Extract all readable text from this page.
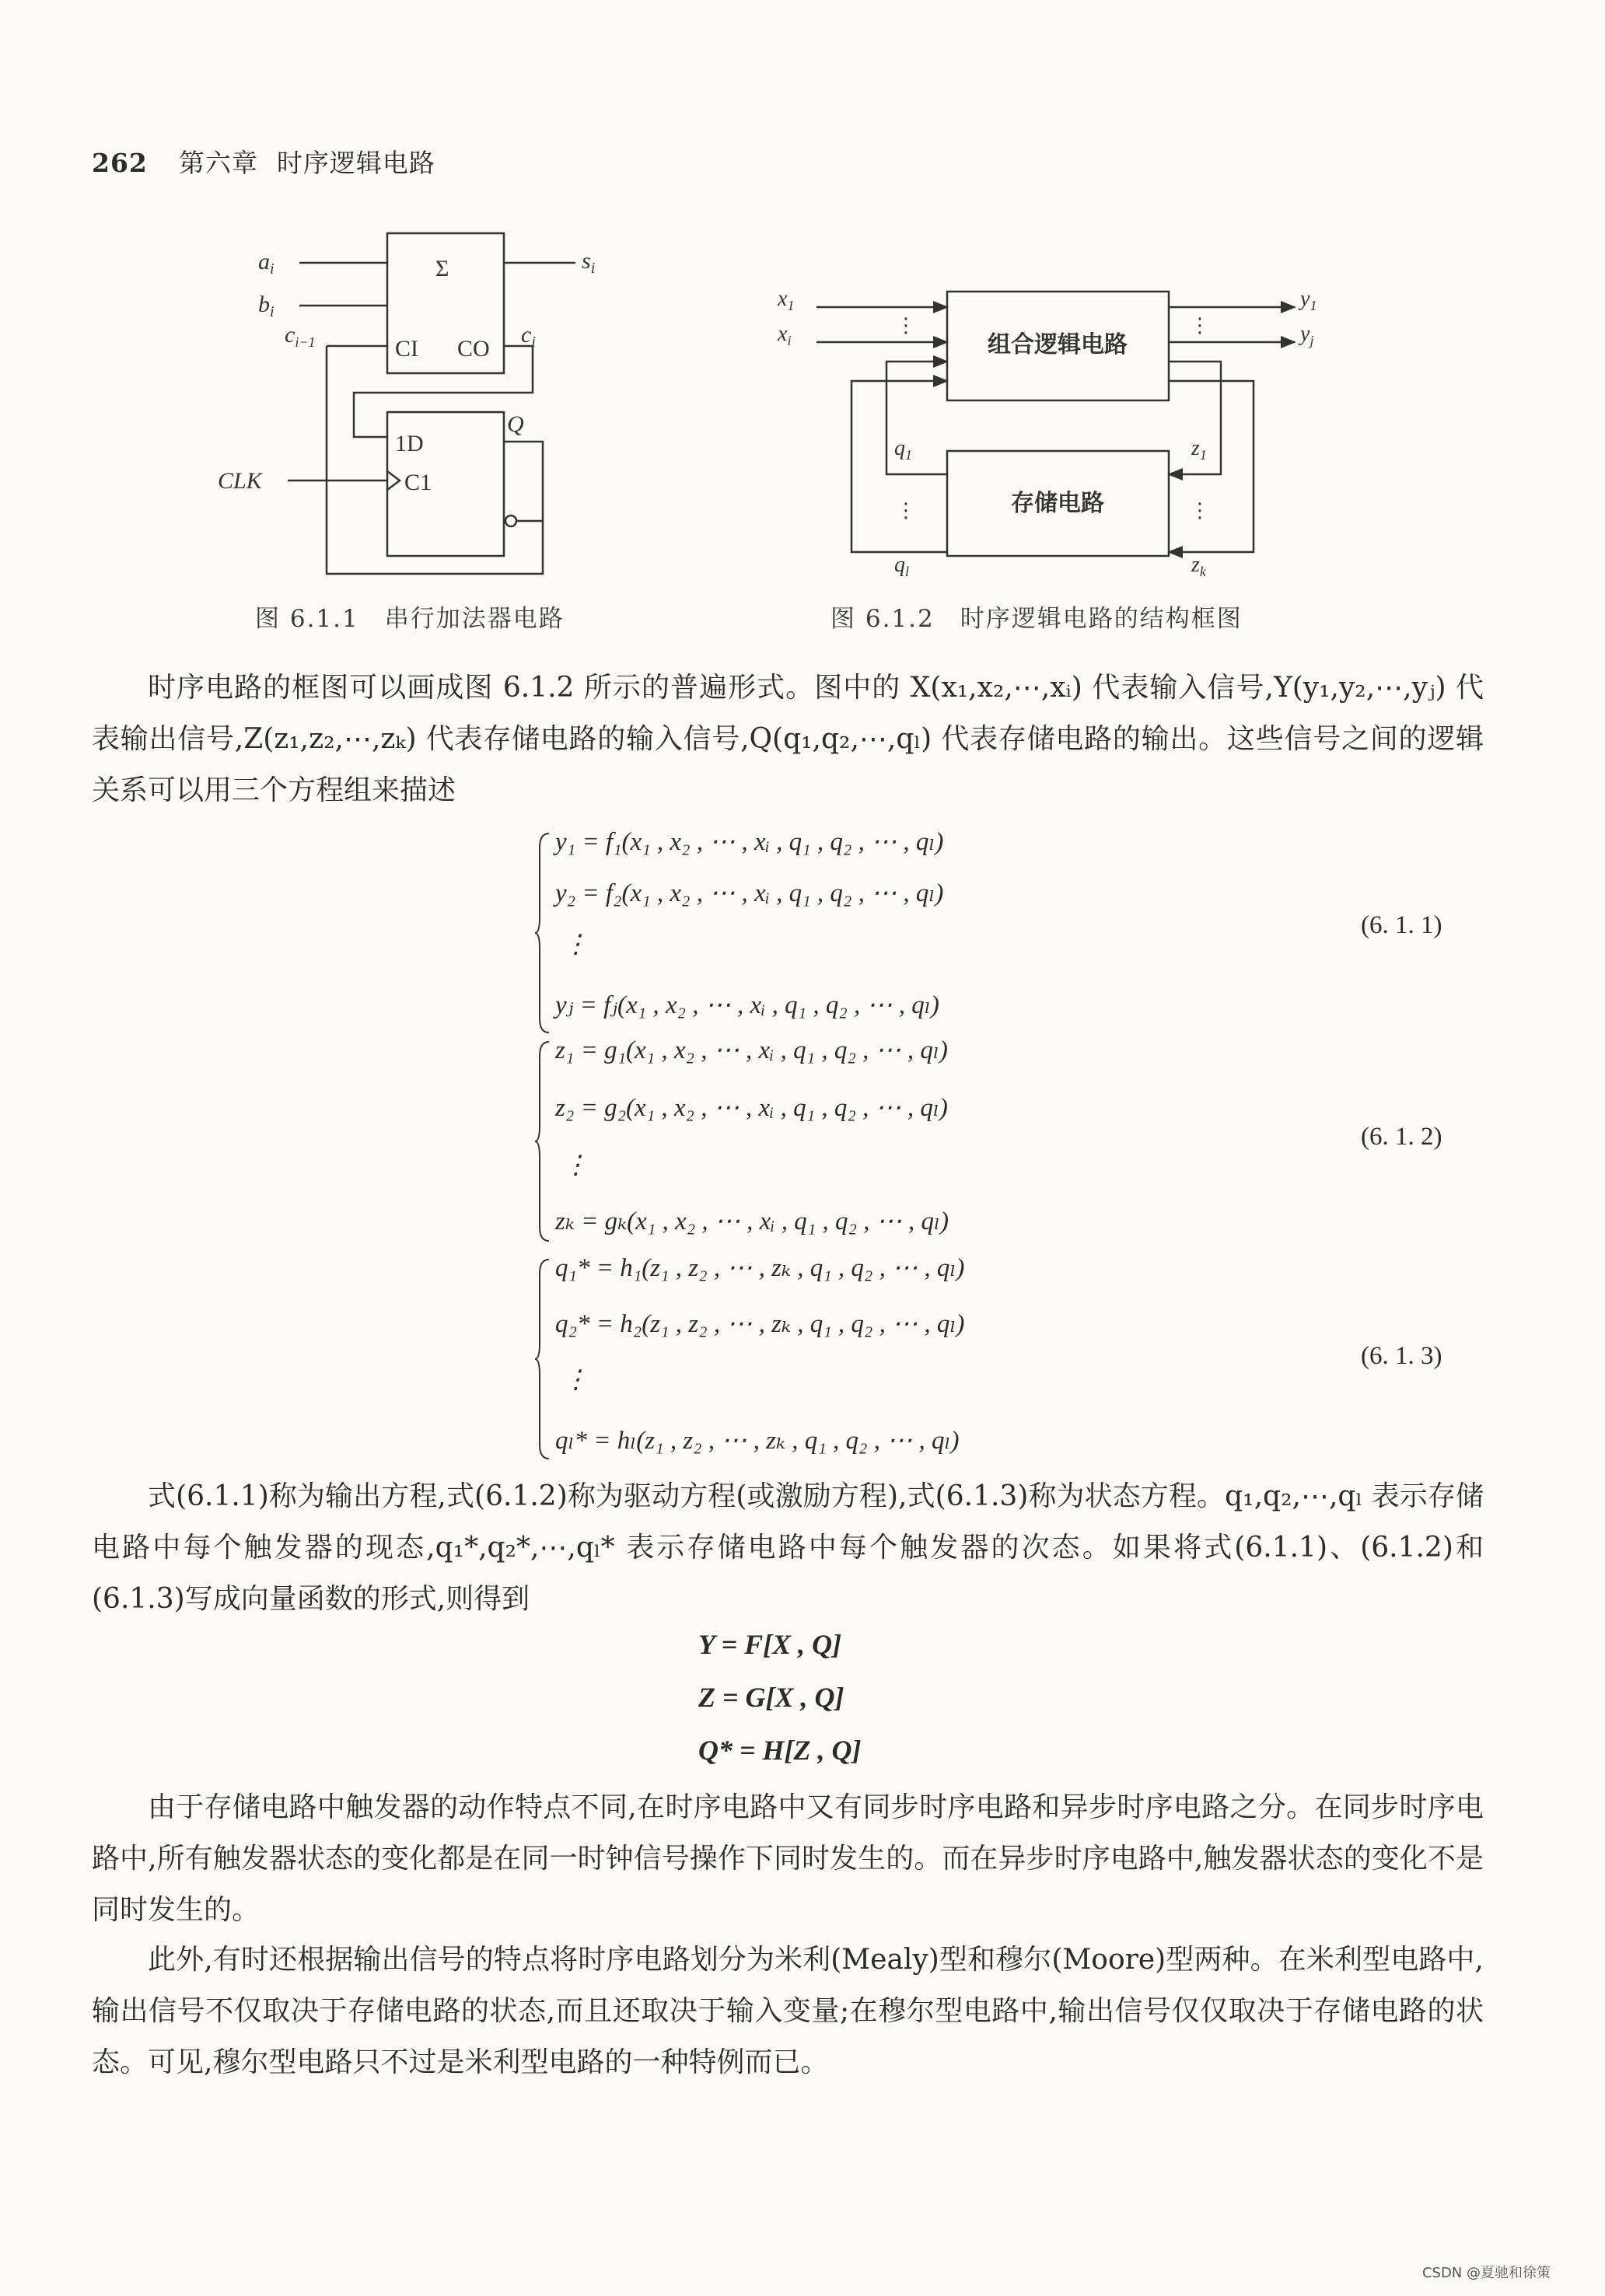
262 第六章 时序逻辑电路
Σ
CI CO
1D
C1
Q
$a_i$
$b_i$
$c_{i-1}$
$s_i$
$c_i$
CLK
图 6.1.1　串行加法器电路
组合逻辑电路
存储电路
$x_1$
$x_i$
$y_1$
$y_j$
$q_1$
$q_l$
$z_1$
$z_k$
⋮	⋮
⋮	⋮
图 6.1.2　时序逻辑电路的结构框图
时序电路的框图可以画成图 6.1.2 所示的普遍形式。图中的 X(x₁,x₂,⋯,xᵢ) 代表输入信号,Y(y₁,y₂,⋯,yⱼ) 代表输出信号,Z(z₁,z₂,⋯,zₖ) 代表存储电路的输入信号,Q(q₁,q₂,⋯,qₗ) 代表存储电路的输出。这些信号之间的逻辑关系可以用三个方程组来描述
y₁ = f₁(x₁ , x₂ , ⋯ , xᵢ , q₁ , q₂ , ⋯ , qₗ)
y₂ = f₂(x₁ , x₂ , ⋯ , xᵢ , q₁ , q₂ , ⋯ , qₗ)
⋮
yⱼ = fⱼ(x₁ , x₂ , ⋯ , xᵢ , q₁ , q₂ , ⋯ , qₗ)
(6. 1. 1)
z₁ = g₁(x₁ , x₂ , ⋯ , xᵢ , q₁ , q₂ , ⋯ , qₗ)
z₂ = g₂(x₁ , x₂ , ⋯ , xᵢ , q₁ , q₂ , ⋯ , qₗ)
⋮
zₖ = gₖ(x₁ , x₂ , ⋯ , xᵢ , q₁ , q₂ , ⋯ , qₗ)
(6. 1. 2)
q₁* = h₁(z₁ , z₂ , ⋯ , zₖ , q₁ , q₂ , ⋯ , qₗ)
q₂* = h₂(z₁ , z₂ , ⋯ , zₖ , q₁ , q₂ , ⋯ , qₗ)
⋮
qₗ* = hₗ(z₁ , z₂ , ⋯ , zₖ , q₁ , q₂ , ⋯ , qₗ)
(6. 1. 3)
式(6.1.1)称为输出方程,式(6.1.2)称为驱动方程(或激励方程),式(6.1.3)称为状态方程。q₁,q₂,⋯,qₗ 表示存储电路中每个触发器的现态,q₁*,q₂*,⋯,qₗ* 表示存储电路中每个触发器的次态。如果将式(6.1.1)、(6.1.2)和(6.1.3)写成向量函数的形式,则得到
Y = F[X , Q]
Z = G[X , Q]
Q* = H[Z , Q]
由于存储电路中触发器的动作特点不同,在时序电路中又有同步时序电路和异步时序电路之分。在同步时序电路中,所有触发器状态的变化都是在同一时钟信号操作下同时发生的。而在异步时序电路中,触发器状态的变化不是同时发生的。
此外,有时还根据输出信号的特点将时序电路划分为米利(Mealy)型和穆尔(Moore)型两种。在米利型电路中,输出信号不仅取决于存储电路的状态,而且还取决于输入变量;在穆尔型电路中,输出信号仅仅取决于存储电路的状态。可见,穆尔型电路只不过是米利型电路的一种特例而已。
CSDN @夏驰和徐策
